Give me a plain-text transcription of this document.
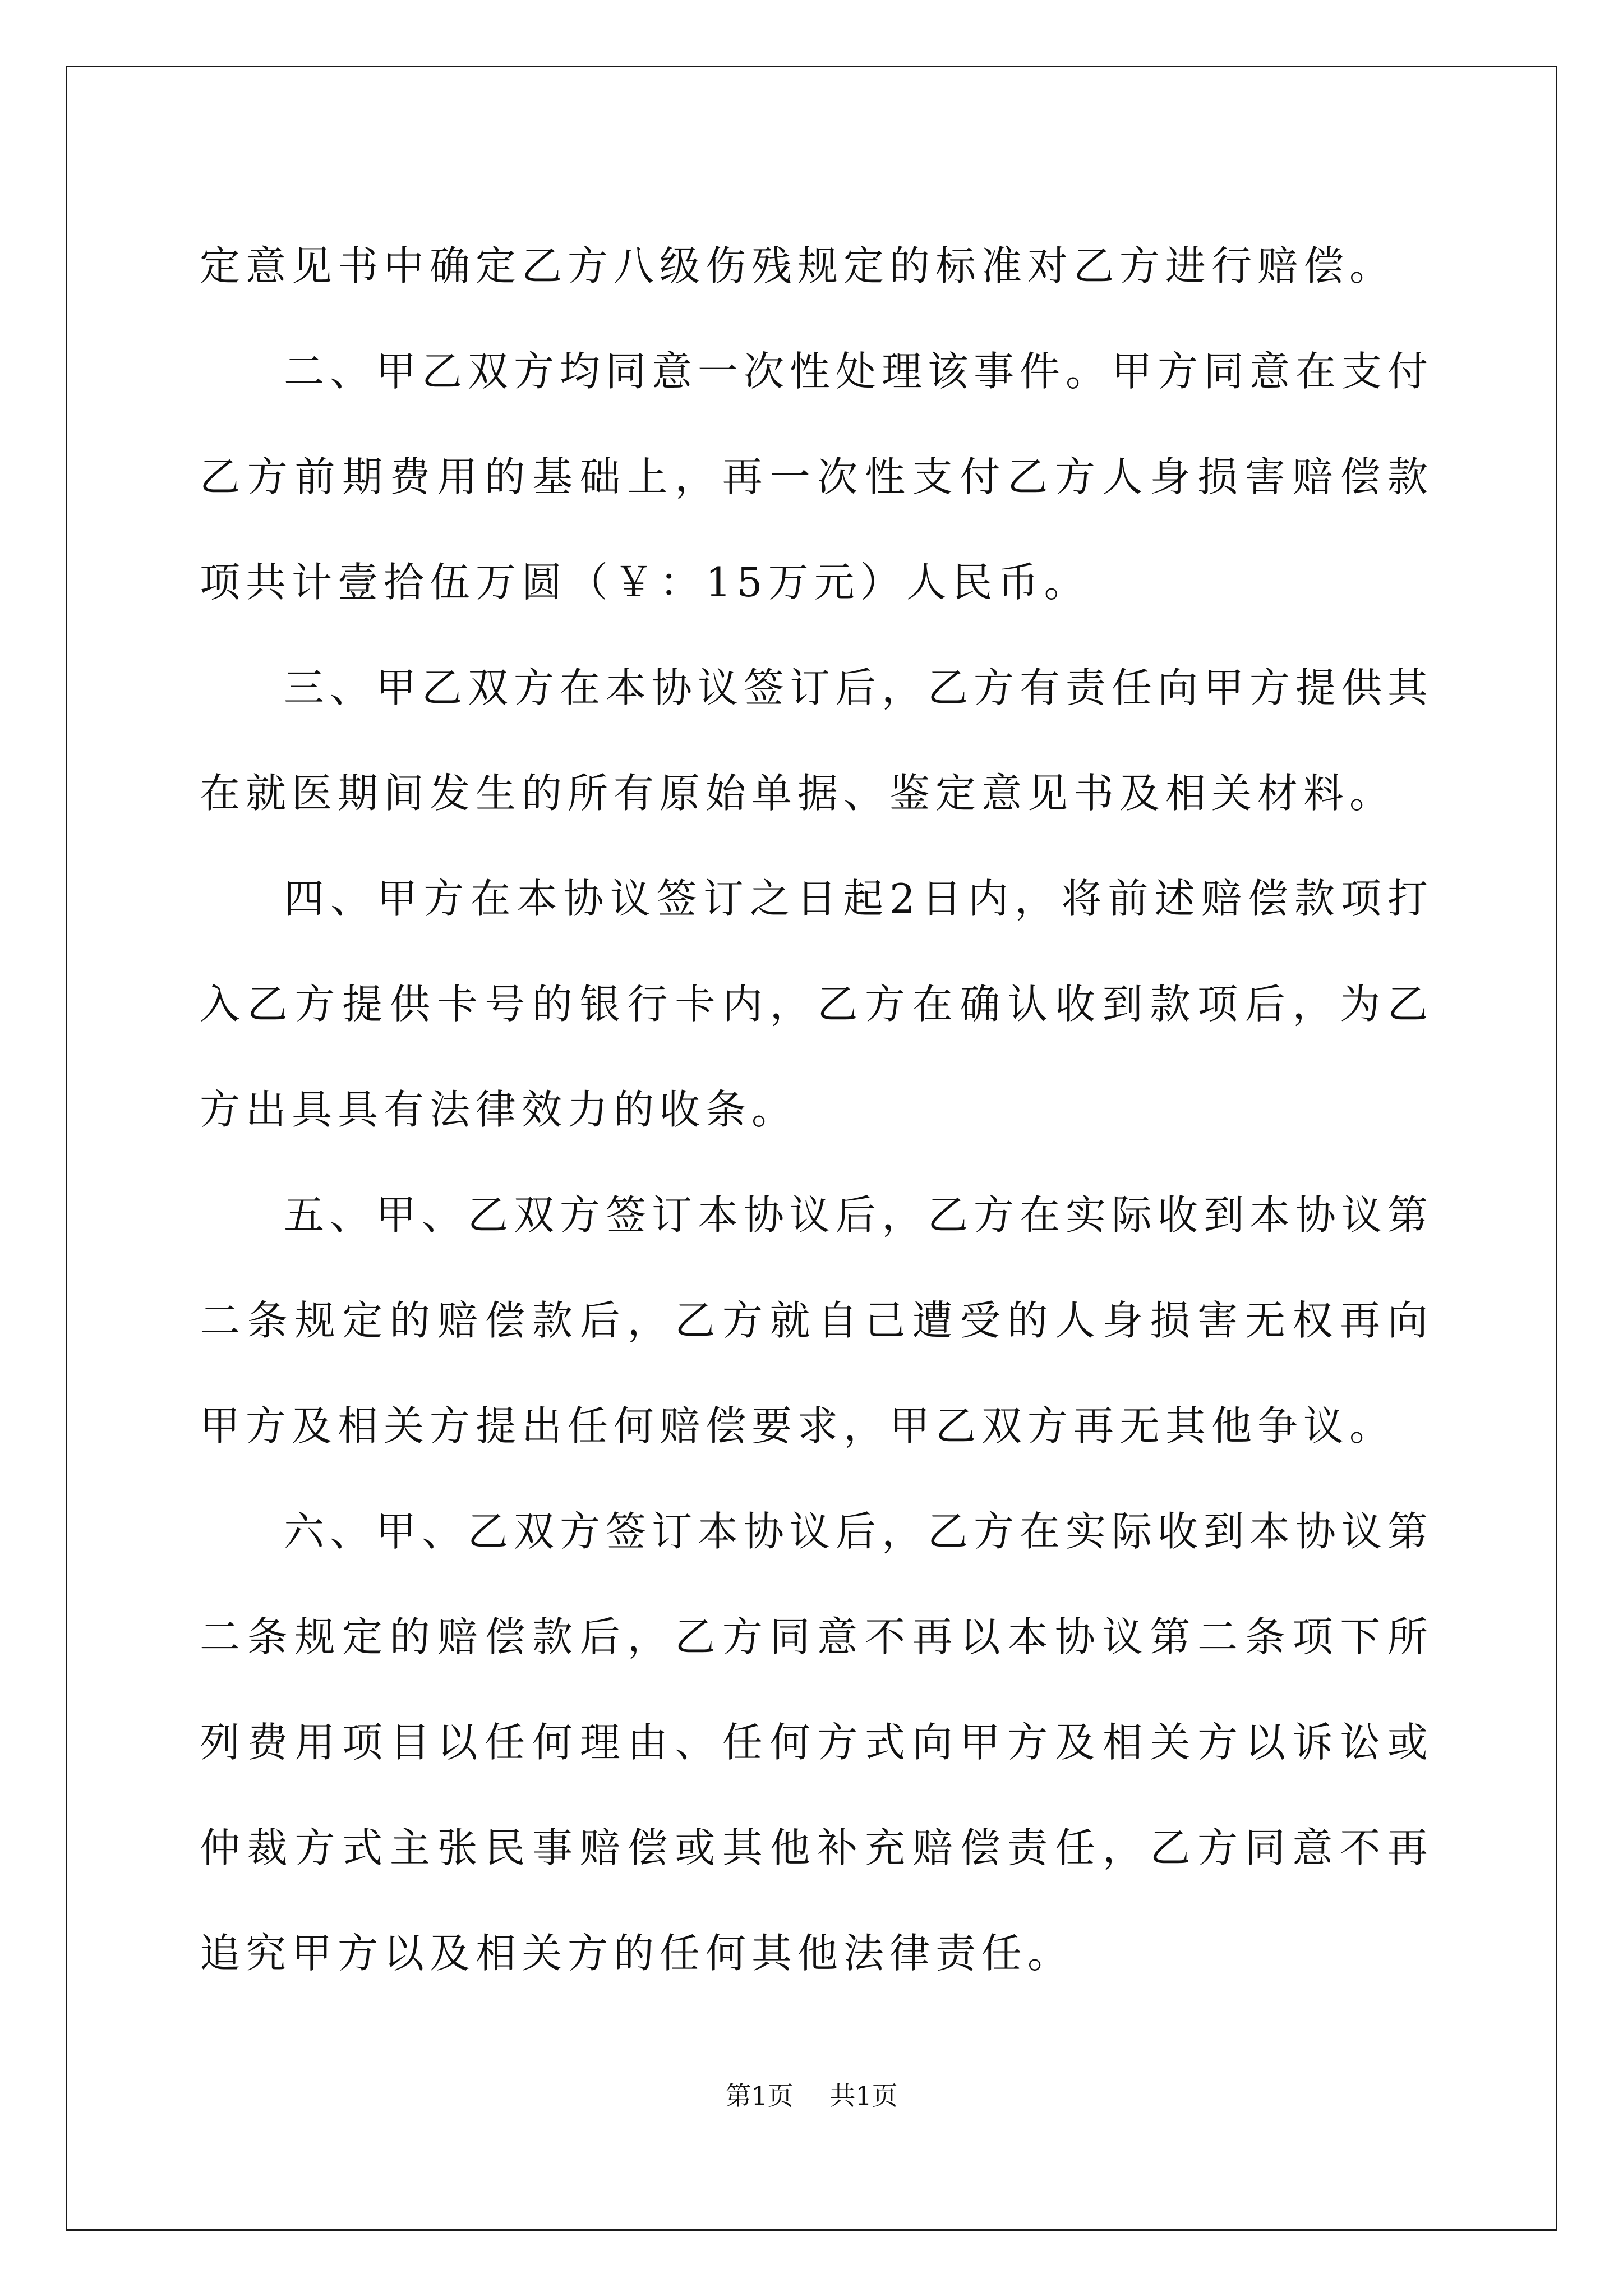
定意见书中确定乙方八级伤残规定的标准对乙方进行赔偿。

二、甲乙双方均同意一次性处理该事件。甲方同意在支付乙方前期费用的基础上，再一次性支付乙方人身损害赔偿款项共计壹拾伍万圆（￥：15万元）人民币。

三、甲乙双方在本协议签订后，乙方有责任向甲方提供其在就医期间发生的所有原始单据、鉴定意见书及相关材料。

四、甲方在本协议签订之日起2日内，将前述赔偿款项打入乙方提供卡号的银行卡内，乙方在确认收到款项后，为乙方出具具有法律效力的收条。

五、甲、乙双方签订本协议后，乙方在实际收到本协议第二条规定的赔偿款后，乙方就自己遭受的人身损害无权再向甲方及相关方提出任何赔偿要求，甲乙双方再无其他争议。

六、甲、乙双方签订本协议后，乙方在实际收到本协议第二条规定的赔偿款后，乙方同意不再以本协议第二条项下所列费用项目以任何理由、任何方式向甲方及相关方以诉讼或仲裁方式主张民事赔偿或其他补充赔偿责任，乙方同意不再追究甲方以及相关方的任何其他法律责任。

第1页 共1页
